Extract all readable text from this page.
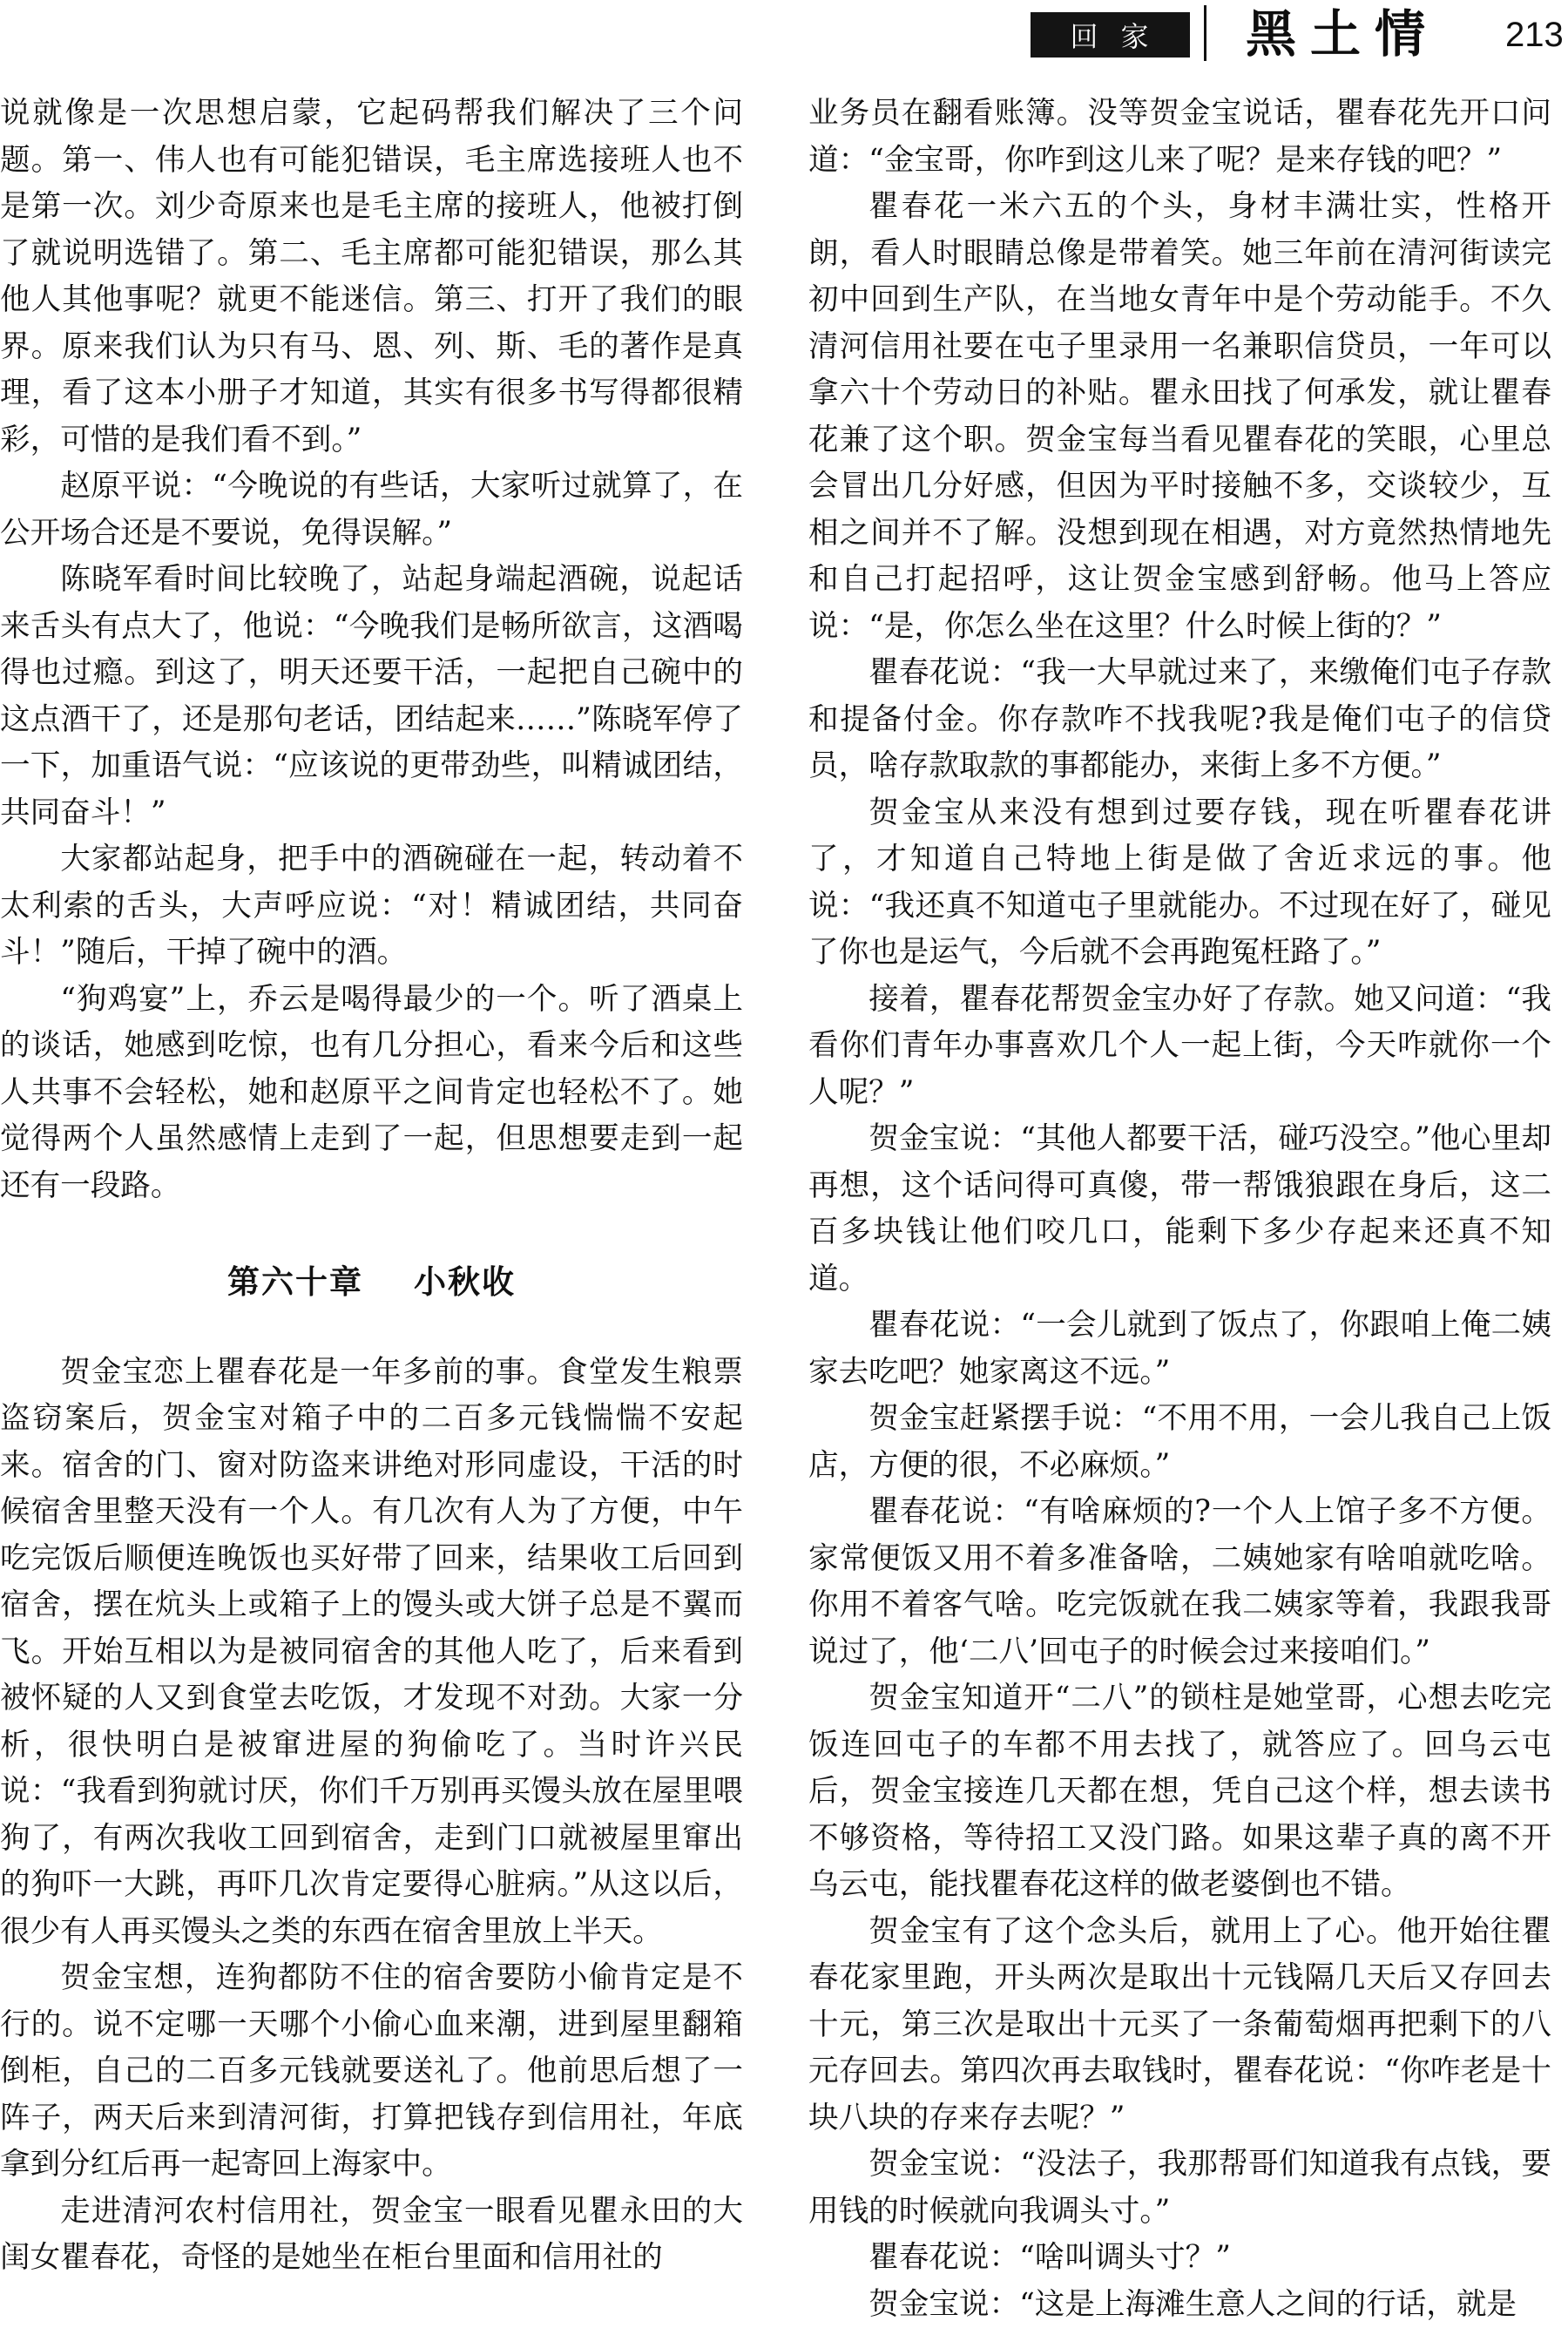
回家	黑土情 213

说就像是一次思想启蒙，它起码帮我们解决了三个问题。第一、伟人也有可能犯错误，毛主席选接班人也不是第一次。刘少奇原来也是毛主席的接班人，他被打倒了就说明选错了。第二、毛主席都可能犯错误，那么其他人其他事呢？就更不能迷信。第三、打开了我们的眼界。原来我们认为只有马、恩、列、斯、毛的著作是真理，看了这本小册子才知道，其实有很多书写得都很精彩，可惜的是我们看不到。”

赵原平说：“今晚说的有些话，大家听过就算了，在公开场合还是不要说，免得误解。”

陈晓军看时间比较晚了，站起身端起酒碗，说起话来舌头有点大了，他说：“今晚我们是畅所欲言，这酒喝得也过瘾。到这了，明天还要干活，一起把自己碗中的这点酒干了，还是那句老话，团结起来……”陈晓军停了一下，加重语气说：“应该说的更带劲些，叫精诚团结，共同奋斗！”

大家都站起身，把手中的酒碗碰在一起，转动着不太利索的舌头，大声呼应说：“对！精诚团结，共同奋斗！”随后，干掉了碗中的酒。

“狗鸡宴”上，乔云是喝得最少的一个。听了酒桌上的谈话，她感到吃惊，也有几分担心，看来今后和这些人共事不会轻松，她和赵原平之间肯定也轻松不了。她觉得两个人虽然感情上走到了一起，但思想要走到一起还有一段路。

第六十章 小秋收

贺金宝恋上瞿春花是一年多前的事。食堂发生粮票盗窃案后，贺金宝对箱子中的二百多元钱惴惴不安起来。宿舍的门、窗对防盗来讲绝对形同虚设，干活的时候宿舍里整天没有一个人。有几次有人为了方便，中午吃完饭后顺便连晚饭也买好带了回来，结果收工后回到宿舍，摆在炕头上或箱子上的馒头或大饼子总是不翼而飞。开始互相以为是被同宿舍的其他人吃了，后来看到被怀疑的人又到食堂去吃饭，才发现不对劲。大家一分析，很快明白是被窜进屋的狗偷吃了。当时许兴民说：“我看到狗就讨厌，你们千万别再买馒头放在屋里喂狗了，有两次我收工回到宿舍，走到门口就被屋里窜出的狗吓一大跳，再吓几次肯定要得心脏病。”从这以后，很少有人再买馒头之类的东西在宿舍里放上半天。

贺金宝想，连狗都防不住的宿舍要防小偷肯定是不行的。说不定哪一天哪个小偷心血来潮，进到屋里翻箱倒柜，自己的二百多元钱就要送礼了。他前思后想了一阵子，两天后来到清河街，打算把钱存到信用社，年底拿到分红后再一起寄回上海家中。

走进清河农村信用社，贺金宝一眼看见瞿永田的大闺女瞿春花，奇怪的是她坐在柜台里面和信用社的

业务员在翻看账簿。没等贺金宝说话，瞿春花先开口问道：“金宝哥，你咋到这儿来了呢？是来存钱的吧？”

瞿春花一米六五的个头，身材丰满壮实，性格开朗，看人时眼睛总像是带着笑。她三年前在清河街读完初中回到生产队，在当地女青年中是个劳动能手。不久清河信用社要在屯子里录用一名兼职信贷员，一年可以拿六十个劳动日的补贴。瞿永田找了何承发，就让瞿春花兼了这个职。贺金宝每当看见瞿春花的笑眼，心里总会冒出几分好感，但因为平时接触不多，交谈较少，互相之间并不了解。没想到现在相遇，对方竟然热情地先和自己打起招呼，这让贺金宝感到舒畅。他马上答应说：“是，你怎么坐在这里？什么时候上街的？”

瞿春花说：“我一大早就过来了，来缴俺们屯子存款和提备付金。你存款咋不找我呢?我是俺们屯子的信贷员，啥存款取款的事都能办，来街上多不方便。”

贺金宝从来没有想到过要存钱，现在听瞿春花讲了，才知道自己特地上街是做了舍近求远的事。他说：“我还真不知道屯子里就能办。不过现在好了，碰见了你也是运气，今后就不会再跑冤枉路了。”

接着，瞿春花帮贺金宝办好了存款。她又问道：“我看你们青年办事喜欢几个人一起上街，今天咋就你一个人呢？”

贺金宝说：“其他人都要干活，碰巧没空。”他心里却再想，这个话问得可真傻，带一帮饿狼跟在身后，这二百多块钱让他们咬几口，能剩下多少存起来还真不知道。

瞿春花说：“一会儿就到了饭点了，你跟咱上俺二姨家去吃吧？她家离这不远。”

贺金宝赶紧摆手说：“不用不用，一会儿我自己上饭店，方便的很，不必麻烦。”

瞿春花说：“有啥麻烦的?一个人上馆子多不方便。家常便饭又用不着多准备啥，二姨她家有啥咱就吃啥。你用不着客气啥。吃完饭就在我二姨家等着，我跟我哥说过了，他‘二八’回屯子的时候会过来接咱们。”

贺金宝知道开“二八”的锁柱是她堂哥，心想去吃完饭连回屯子的车都不用去找了，就答应了。回乌云屯后，贺金宝接连几天都在想，凭自己这个样，想去读书不够资格，等待招工又没门路。如果这辈子真的离不开乌云屯，能找瞿春花这样的做老婆倒也不错。

贺金宝有了这个念头后，就用上了心。他开始往瞿春花家里跑，开头两次是取出十元钱隔几天后又存回去十元，第三次是取出十元买了一条葡萄烟再把剩下的八元存回去。第四次再去取钱时，瞿春花说：“你咋老是十块八块的存来存去呢？”

贺金宝说：“没法子，我那帮哥们知道我有点钱，要用钱的时候就向我调头寸。”

瞿春花说：“啥叫调头寸？”

贺金宝说：“这是上海滩生意人之间的行话，就是
